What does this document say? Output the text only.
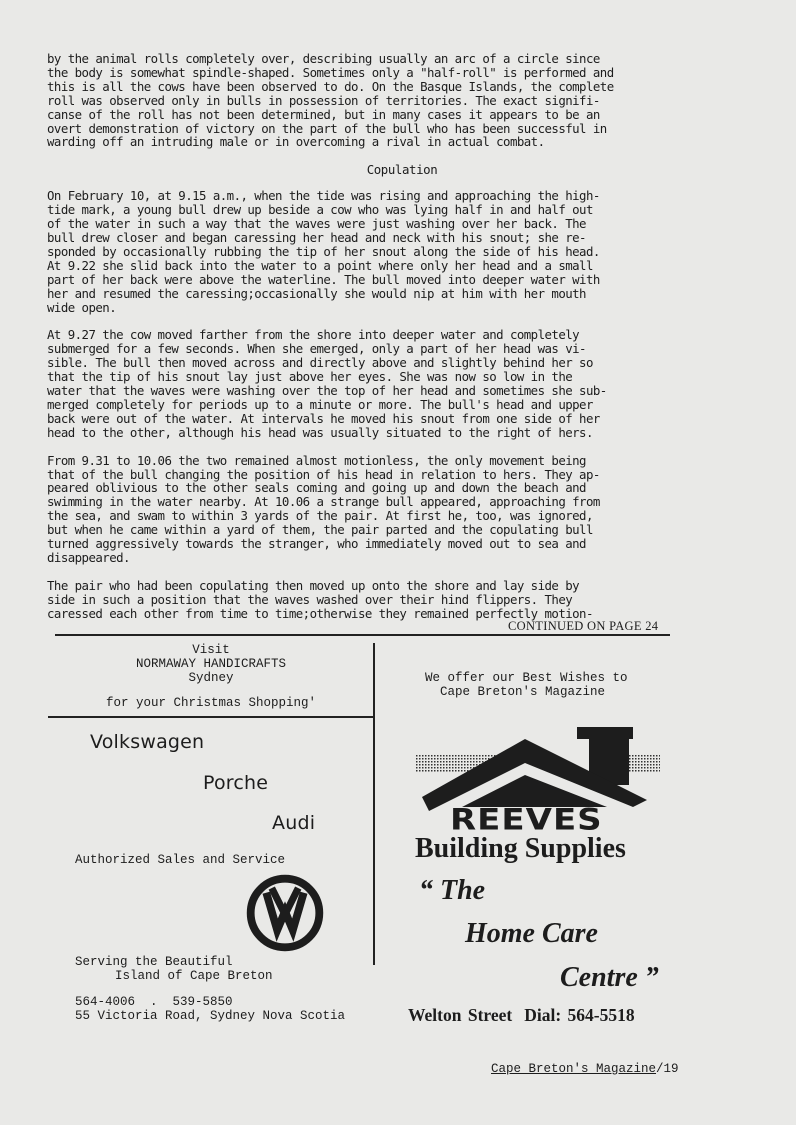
by the animal rolls completely over, describing usually an arc of a circle since
the body is somewhat spindle-shaped. Sometimes only a "half-roll" is performed and
this is all the cows have been observed to do. On the Basque Islands, the complete
roll was observed only in bulls in possession of territories. The exact signifi-
canse of the roll has not been determined, but in many cases it appears to be an
overt demonstration of victory on the part of the bull who has been successful in
warding off an intruding male or in overcoming a rival in actual combat.

Copulation

On February 10, at 9.15 a.m., when the tide was rising and approaching the high-
tide mark, a young bull drew up beside a cow who was lying half in and half out
of the water in such a way that the waves were just washing over her back. The
bull drew closer and began caressing her head and neck with his snout; she re-
sponded by occasionally rubbing the tip of her snout along the side of his head.
At 9.22 she slid back into the water to a point where only her head and a small
part of her back were above the waterline. The bull moved into deeper water with
her and resumed the caressing;occasionally she would nip at him with her mouth
wide open.

At 9.27 the cow moved farther from the shore into deeper water and completely
submerged for a few seconds. When she emerged, only a part of her head was vi-
sible. The bull then moved across and directly above and slightly behind her so
that the tip of his snout lay just above her eyes. She was now so low in the
water that the waves were washing over the top of her head and sometimes she sub-
merged completely for periods up to a minute or more. The bull's head and upper
back were out of the water. At intervals he moved his snout from one side of her
head to the other, although his head was usually situated to the right of hers.

From 9.31 to 10.06 the two remained almost motionless, the only movement being
that of the bull changing the position of his head in relation to hers. They ap-
peared oblivious to the other seals coming and going up and down the beach and
swimming in the water nearby. At 10.06 a strange bull appeared, approaching from
the sea, and swam to within 3 yards of the pair. At first he, too, was ignored,
but when he came within a yard of them, the pair parted and the copulating bull
turned aggressively towards the stranger, who immediately moved out to sea and
disappeared.

The pair who had been copulating then moved up onto the shore and lay side by
side in such a position that the waves washed over their hind flippers. They
caressed each other from time to time;otherwise they remained perfectly motion-

CONTINUED ON PAGE 24
Visit
NORMAWAY HANDICRAFTS
Sydney
for your Christmas Shopping'
Volkswagen
Porche
Audi
Authorized Sales and Service
Serving the Beautiful
Island of Cape Breton
564-4006  .  539-5850
55 Victoria Road, Sydney Nova Scotia
We offer our Best Wishes to
Cape Breton's Magazine
REEVES
Building Supplies
“ The
Home Care
Centre ”
Welton Street Dial: 564-5518
Cape Breton's Magazine/19
